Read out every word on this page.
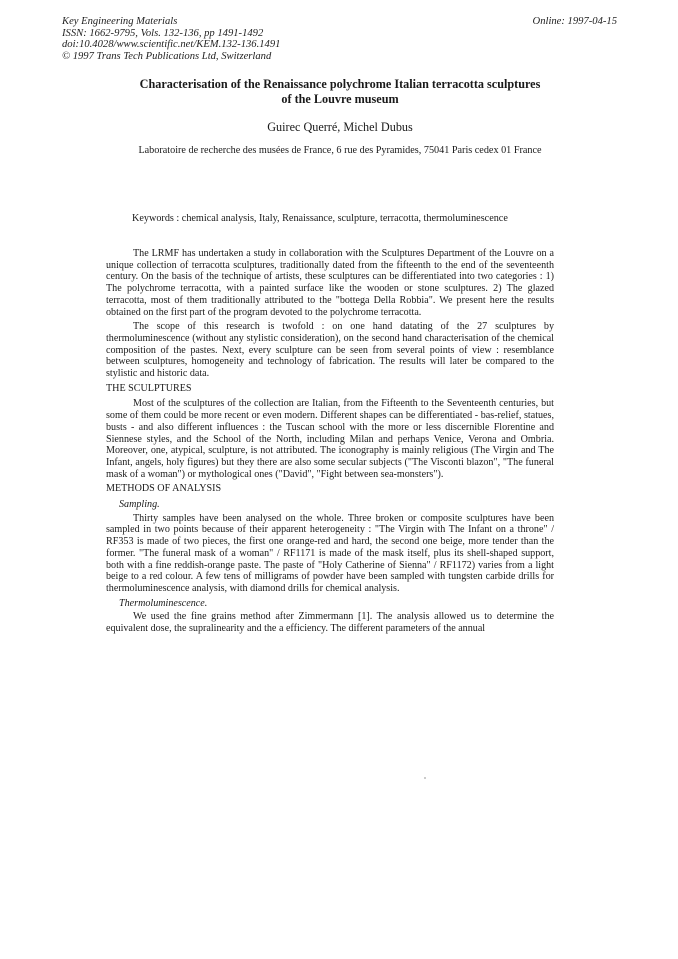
Key Engineering Materials
ISSN: 1662-9795, Vols. 132-136, pp 1491-1492
doi:10.4028/www.scientific.net/KEM.132-136.1491
© 1997 Trans Tech Publications Ltd, Switzerland
Online: 1997-04-15
Characterisation of the Renaissance polychrome Italian terracotta sculptures
of the Louvre museum
Guirec Querré, Michel Dubus
Laboratoire de recherche des musées de France, 6 rue des Pyramides, 75041 Paris cedex 01 France
Keywords : chemical analysis, Italy, Renaissance, sculpture, terracotta, thermoluminescence

The LRMF has undertaken a study in collaboration with the Sculptures Department of the Louvre on a unique collection of terracotta sculptures, traditionally dated from the fifteenth to the end of the seventeenth century. On the basis of the technique of artists, these sculptures can be differentiated into two categories : 1) The polychrome terracotta, with a painted surface like the wooden or stone sculptures. 2) The glazed terracotta, most of them traditionally attributed to the "bottega Della Robbia". We present here the results obtained on the first part of the program devoted to the polychrome terracotta.

The scope of this research is twofold : on one hand datating of the 27 sculptures by thermoluminescence (without any stylistic consideration), on the second hand characterisation of the chemical composition of the pastes. Next, every sculpture can be seen from several points of view : resemblance between sculptures, homogeneity and technology of fabrication. The results will later be compared to the stylistic and historic data.

THE SCULPTURES

Most of the sculptures of the collection are Italian, from the Fifteenth to the Seventeenth centuries, but some of them could be more recent or even modern. Different shapes can be differentiated - bas-relief, statues, busts - and also different influences : the Tuscan school with the more or less discernible Florentine and Siennese styles, and the School of the North, including Milan and perhaps Venice, Verona and Ombria. Moreover, one, atypical, sculpture, is not attributed. The iconography is mainly religious (The Virgin and The Infant, angels, holy figures) but they there are also some secular subjects ("The Visconti blazon", "The funeral mask of a woman") or mythological ones ("David", "Fight between sea-monsters").

METHODS OF ANALYSIS

Sampling.

Thirty samples have been analysed on the whole. Three broken or composite sculptures have been sampled in two points because of their apparent heterogeneity : "The Virgin with The Infant on a throne" / RF353 is made of two pieces, the first one orange-red and hard, the second one beige, more tender than the former. "The funeral mask of a woman" / RF1171 is made of the mask itself, plus its shell-shaped support, both with a fine reddish-orange paste. The paste of "Holy Catherine of Sienna" / RF1172) varies from a light beige to a red colour. A few tens of milligrams of powder have been sampled with tungsten carbide drills for thermoluminescence analysis, with diamond drills for chemical analysis.

Thermoluminescence.

We used the fine grains method after Zimmermann [1]. The analysis allowed us to determine the equivalent dose, the supralinearity and the a efficiency. The different parameters of the annual
